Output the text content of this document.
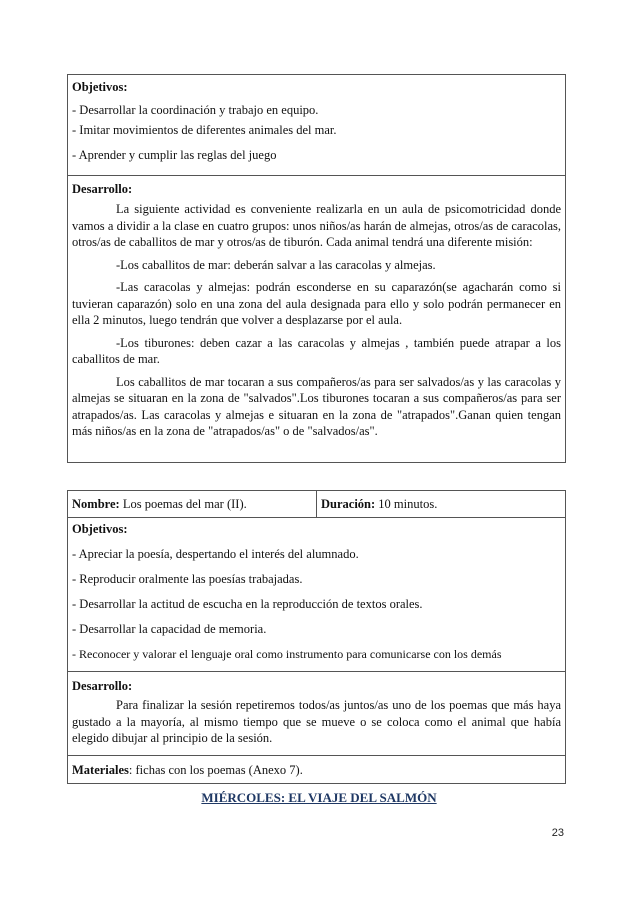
Objetivos:
- Desarrollar la coordinación y trabajo en equipo.
- Imitar movimientos de diferentes animales del mar.
- Aprender y cumplir las reglas del juego
Desarrollo:

La siguiente actividad es conveniente realizarla en un aula de psicomotricidad donde vamos a dividir a la clase en cuatro grupos: unos niños/as harán de almejas, otros/as de caracolas, otros/as de caballitos de mar y otros/as de tiburón. Cada animal tendrá una diferente misión:

-Los caballitos de mar: deberán salvar a las caracolas y almejas.

-Las caracolas y almejas: podrán esconderse en su caparazón(se agacharán como si tuvieran caparazón) solo en una zona del aula designada para ello y solo podrán permanecer en ella 2 minutos, luego tendrán que volver a desplazarse por el aula.

-Los tiburones: deben cazar a las caracolas y almejas , también puede atrapar a los caballitos de mar.

Los caballitos de mar tocaran a sus compañeros/as para ser salvados/as y las caracolas y almejas se situaran en la zona de "salvados".Los tiburones tocaran a sus compañeros/as para ser atrapados/as. Las caracolas y almejas e situaran en la zona de "atrapados".Ganan quien tengan más niños/as en la zona de "atrapados/as" o de "salvados/as".

Nombre: Los poemas del mar (II).	Duración: 10 minutos.
Objetivos:
- Apreciar la poesía, despertando el interés del alumnado.
- Reproducir oralmente las poesías trabajadas.
- Desarrollar la actitud de escucha en la reproducción de textos orales.
- Desarrollar la capacidad de memoria.
- Reconocer y valorar el lenguaje oral como instrumento para comunicarse con los demás
Desarrollo:

Para finalizar la sesión repetiremos todos/as juntos/as uno de los poemas que más haya gustado a la mayoría, al mismo tiempo que se mueve o se coloca como el animal que había elegido dibujar al principio de la sesión.

Materiales: fichas con los poemas (Anexo 7).
MIÉRCOLES: EL VIAJE DEL SALMÓN
23
